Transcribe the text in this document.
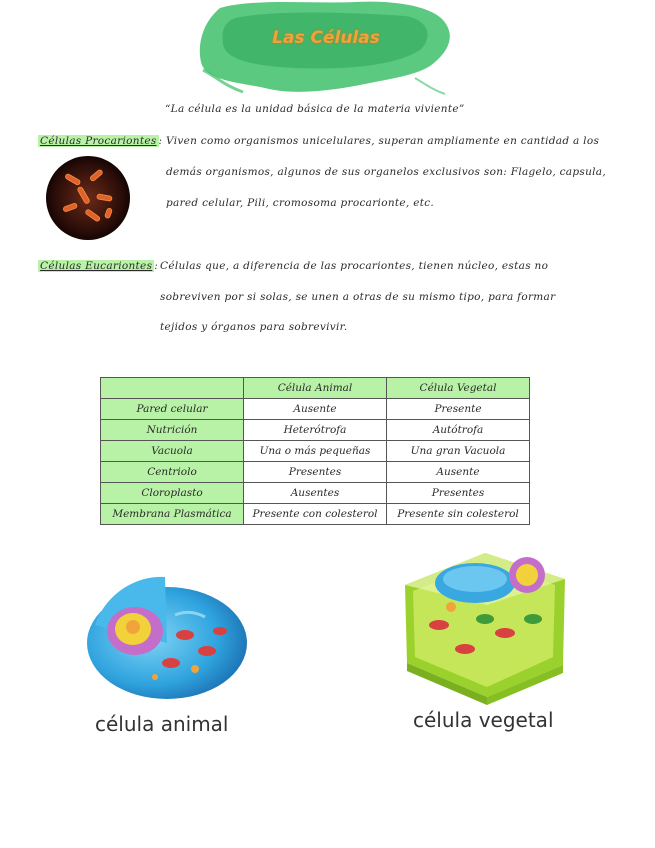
Las Células
“La célula es la unidad básica de la materia viviente”
Células Procariontes : Viven como organismos unicelulares, superan ampliamente en cantidad a los
demás organismos, algunos de sus organelos exclusivos son: Flagelo, capsula,
pared celular, Pili, cromosoma procarionte, etc.
Células Eucariontes : Células que, a diferencia de las procariontes, tienen núcleo, estas no
sobreviven por si solas, se unen a otras de su mismo tipo, para formar
tejidos y órganos para sobrevivir.
	Célula Animal	Célula Vegetal
Pared celular	Ausente	Presente
Nutrición	Heterótrofa	Autótrofa
Vacuola	Una o más pequeñas	Una gran Vacuola
Centriolo	Presentes	Ausente
Cloroplasto	Ausentes	Presentes
Membrana Plasmática	Presente con colesterol	Presente sin colesterol
célula animal	célula vegetal
